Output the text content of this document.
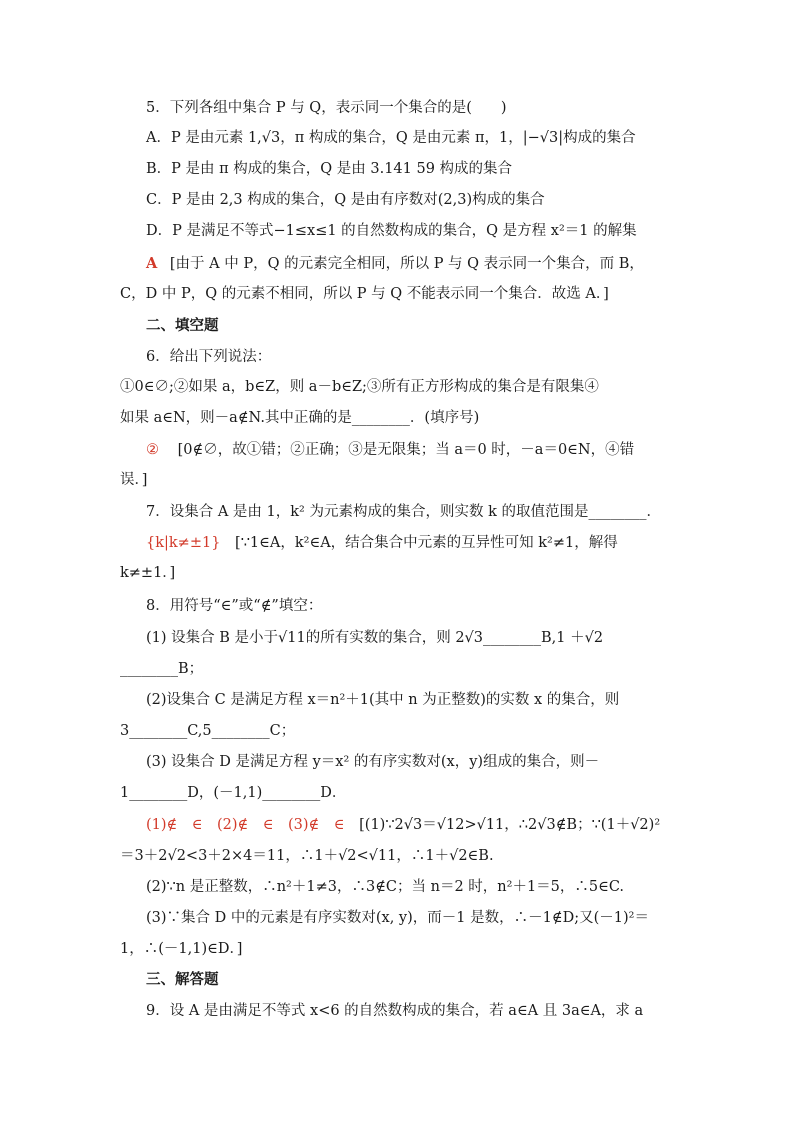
5．下列各组中集合 P 与 Q，表示同一个集合的是(　　)
A．P 是由元素 1,√3，π 构成的集合，Q 是由元素 π，1，|−√3|构成的集合
B．P 是由 π 构成的集合，Q 是由 3.141 59 构成的集合
C．P 是由 2,3 构成的集合，Q 是由有序数对(2,3)构成的集合
D．P 是满足不等式−1≤x≤1 的自然数构成的集合，Q 是方程 x²＝1 的解集
A [由于 A 中 P，Q 的元素完全相同，所以 P 与 Q 表示同一个集合，而 B，
C，D 中 P，Q 的元素不相同，所以 P 与 Q 不能表示同一个集合．故选 A．]
二、填空题
6．给出下列说法：
①0∈∅;②如果 a，b∈Z，则 a－b∈Z;③所有正方形构成的集合是有限集④
如果 a∈N，则－a∉N.其中正确的是________．(填序号)
② [0∉∅，故①错；②正确；③是无限集；当 a＝0 时，－a＝0∈N，④错
误．]
7．设集合 A 是由 1，k² 为元素构成的集合，则实数 k 的取值范围是________．
{k|k≠±1} [∵1∈A，k²∈A，结合集合中元素的互异性可知 k²≠1，解得
k≠±1．]
8．用符号“∈”或“∉”填空：
(1) 设集合 B 是小于√11的所有实数的集合，则 2√3________B,1 ＋√2
________B；
(2)设集合 C 是满足方程 x＝n²＋1(其中 n 为正整数)的实数 x 的集合，则
3________C,5________C；
(3) 设集合 D 是满足方程 y＝x² 的有序实数对(x，y)组成的集合，则－
1________D，(－1,1)________D．
(1)∉　∈　(2)∉　∈　(3)∉　∈ [(1)∵2√3＝√12>√11，∴2√3∉B；∵(1＋√2)²
＝3＋2√2<3＋2×4＝11，∴1＋√2<√11，∴1＋√2∈B.
(2)∵n 是正整数，∴n²＋1≠3，∴3∉C；当 n＝2 时，n²＋1＝5，∴5∈C.
(3)∵集合 D 中的元素是有序实数对(x, y)，而－1 是数，∴－1∉D;又(－1)²＝
1，∴(－1,1)∈D．]
三、解答题
9．设 A 是由满足不等式 x<6 的自然数构成的集合，若 a∈A 且 3a∈A，求 a
